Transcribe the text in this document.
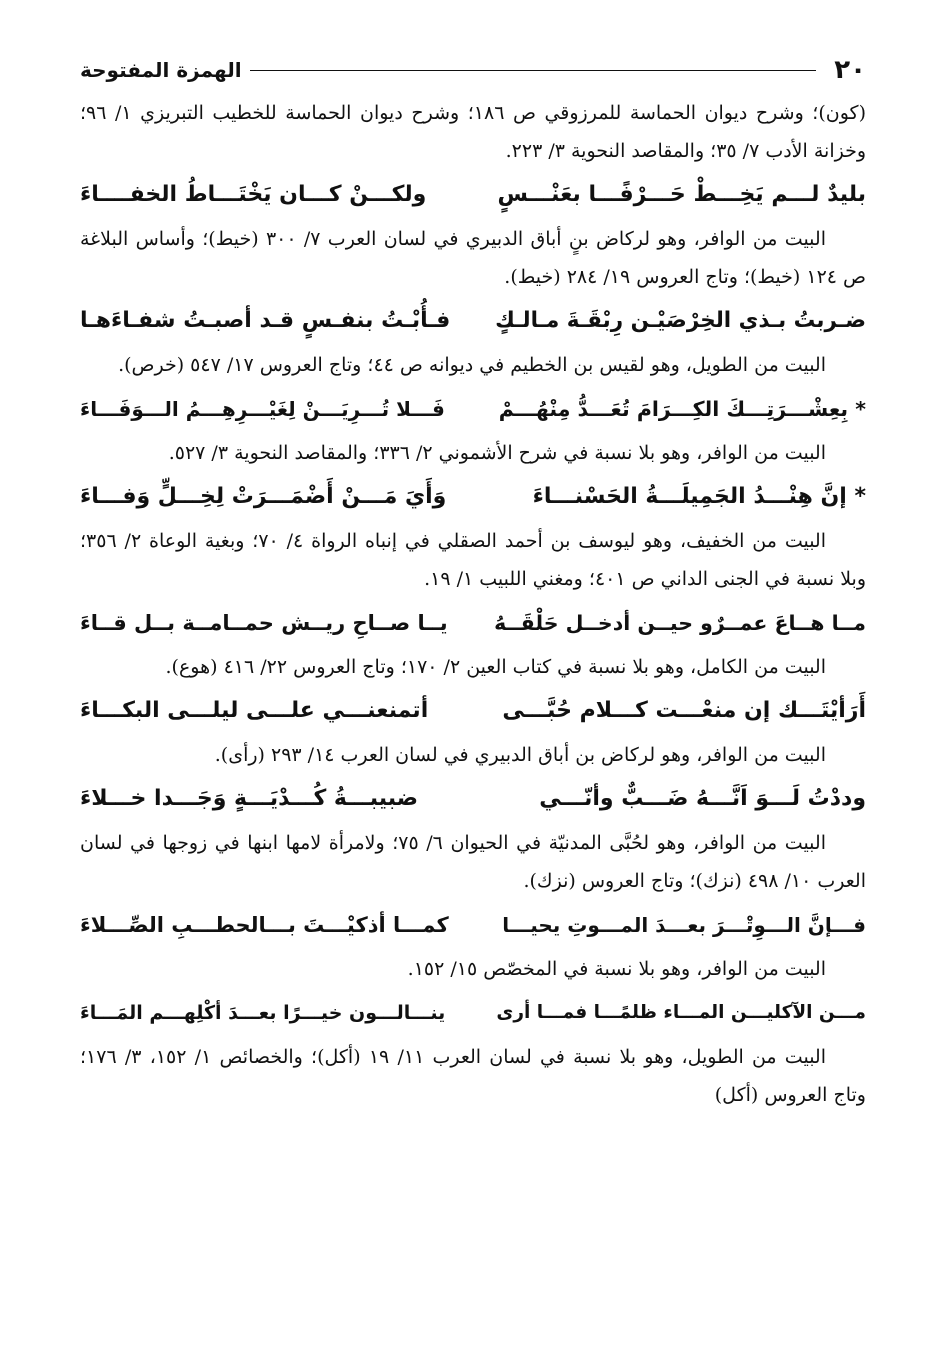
٢٠
الهمزة المفتوحة

(كون)؛ وشرح ديوان الحماسة للمرزوقي ص ١٨٦؛ وشرح ديوان الحماسة للخطيب التبريزي ١/ ٩٦؛ وخزانة الأدب ٧/ ٣٥؛ والمقاصد النحوية ٣/ ٢٢٣.

بليدٌ لـــم يَخِـــطْ حَـــرْفًـــا بعَنْـــسٍ
ولكـــنْ كـــان يَخْتَـــاطُ الخفــــاءَ

البيت من الوافر، وهو لركاض بنٍ أباق الدبيري في لسان العرب ٧/ ٣٠٠ (خيط)؛ وأساس البلاغة ص ١٢٤ (خيط)؛ وتاج العروس ١٩/ ٢٨٤ (خيط).

ضـربتُ بـذي الخِرْصَيْـن رِبْقَـةَ مـالـكٍ
فـأُبْـتُ بنفـسٍ قـد أصبـتُ شفـاءَهـا

البيت من الطويل، وهو لقيس بن الخطيم في ديوانه ص ٤٤؛ وتاج العروس ١٧/ ٥٤٧ (خرص).

* بِعِشْـــرَتِـــكَ الكِـــرَامَ تُعَـــدُّ مِنْهُـــمْ
فَـــلا تُـــرِيَـــنْ لِغَيْـــرِهِـــمُ الـــوَفَـــاءَ

البيت من الوافر، وهو بلا نسبة في شرح الأشموني ٢/ ٣٣٦؛ والمقاصد النحوية ٣/ ٥٢٧.

* إنَّ هِنْـــدُ الجَمِيلَـــةُ الحَسْنـــاءَ
وَأَيَ مَـــنْ أَضْمَـــرَتْ لِخِـــلٍّ وَفـــاءَ

البيت من الخفيف، وهو ليوسف بن أحمد الصقلي في إنباه الرواة ٤/ ٧٠؛ وبغية الوعاة ٢/ ٣٥٦؛ وبلا نسبة في الجنى الداني ص ٤٠١؛ ومغني اللبيب ١/ ١٩.

مــا هــاعَ عمــرٌو حيــن أدخــل حَلْقَــهُ
يــا صــاحِ ريــش حمــامــة بــل قــاءَ

البيت من الكامل، وهو بلا نسبة في كتاب العين ٢/ ١٧٠؛ وتاج العروس ٢٢/ ٤١٦ (هوع).

أَرَأيْتَـــك إن منعْـــت كـــلام حُبَّـــى
أتمنعنـــي علـــى ليلـــى البكـــاءَ

البيت من الوافر، وهو لركاض بن أباق الدبيري في لسان العرب ١٤/ ٢٩٣ (رأى).

وددْتُ لَـــوَ اَنَّـــهُ ضَـــبٌّ وأنّـــي
ضبيبـــةُ كُـــدْيَـــةٍ وَجَـــدا خـــلاءَ

البيت من الوافر، وهو لحُبَّى المدنيّة في الحيوان ٦/ ٧٥؛ ولامرأة لامها ابنها في زوجها في لسان العرب ١٠/ ٤٩٨ (نزك)؛ وتاج العروس (نزك).

فـــإنَّ الـــوِتْـــرَ بعـــدَ المـــوتِ يحيـــا
كمـــا أذكيْـــتَ بـــالحطـــبِ الصِّـــلاءَ

البيت من الوافر، وهو بلا نسبة في المخصّص ١٥/ ١٥٢.

مـــن الآكليـــن المـــاء ظلمًـــا فمـــا أرى
ينـــالـــون خيـــرًا بعـــدَ أكْلِهـــم المَـــاءَ

البيت من الطويل، وهو بلا نسبة في لسان العرب ١١/ ١٩ (أكل)؛ والخصائص ١/ ١٥٢، ٣/ ١٧٦؛ وتاج العروس (أكل)
